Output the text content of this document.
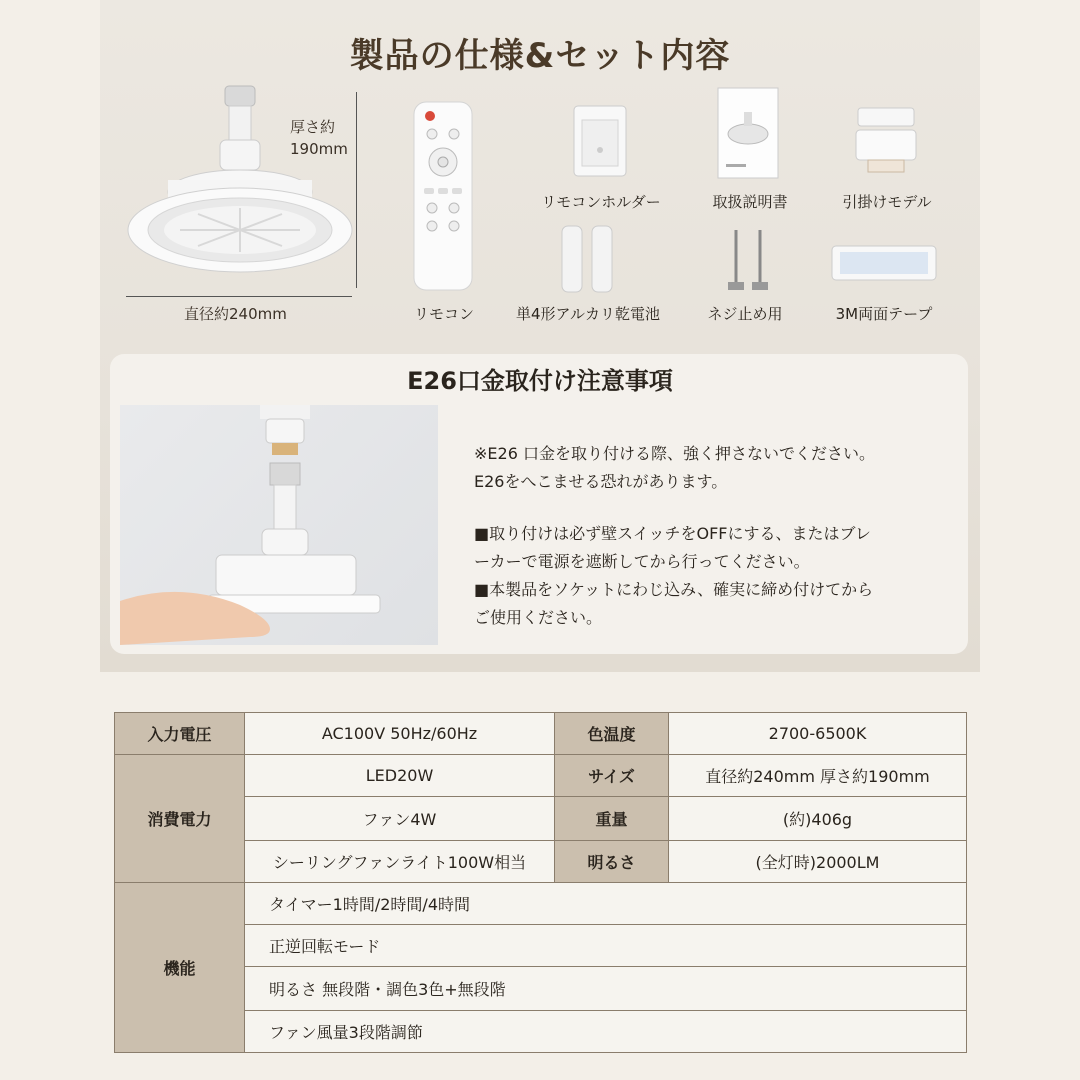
製品の仕様&セット内容
厚さ約
190mm
直径約240mm	リモコン
リモコンホルダー	取扱説明書	引掛けモデル
単4形アルカリ乾電池	ネジ止め用	3M両面テープ
E26口金取付け注意事項

※E26 口金を取り付ける際、強く押さないでください。

E26をへこませる恐れがあります。

■取り付けは必ず壁スイッチをOFFにする、またはブレ

ーカーで電源を遮断してから行ってください。

■本製品をソケットにわじ込み、確実に締め付けてから

ご使用ください。

入力電圧	AC100V 50Hz/60Hz	色温度	2700-6500K
消費電力	LED20W	サイズ	直径約240mm 厚さ約190mm
	ファン4W	重量	(約)406g
	シーリングファンライト100W相当	明るさ	(全灯時)2000LM
機能	タイマー1時間/2時間/4時間		
	正逆回転モード		
	明るさ 無段階・調色3色+無段階		
	ファン風量3段階調節		
